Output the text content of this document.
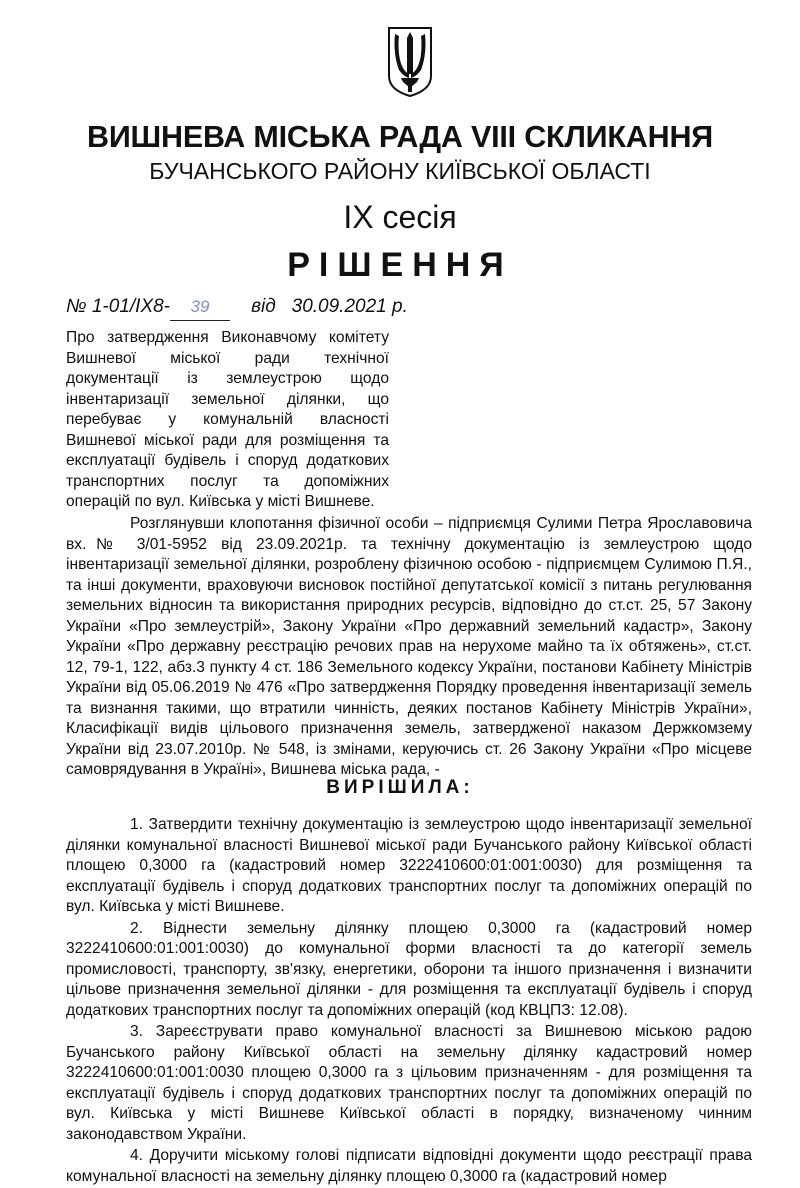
ВИШНЕВА МІСЬКА РАДА VIII СКЛИКАННЯ
БУЧАНСЬКОГО РАЙОНУ КИЇВСЬКОЇ ОБЛАСТІ
IX сесія
РІШЕННЯ
№ 1-01/IX8- 39 від 30.09.2021 р.
Про затвердження Виконавчому комітету Вишневої міської ради технічної документації із землеустрою щодо інвентаризації земельної ділянки, що перебуває у комунальній власності Вишневої міської ради для розміщення та експлуатації будівель і споруд додаткових транспортних послуг та допоміжних операцій по вул. Київська у місті Вишневе.

Розглянувши клопотання фізичної особи – підприємця Сулими Петра Ярославовича вх.№ 3/01-5952 від 23.09.2021р. та технічну документацію із землеустрою щодо інвентаризації земельної ділянки, розроблену фізичною особою - підприємцем Сулимою П.Я., та інші документи, враховуючи висновок постійної депутатської комісії з питань регулювання земельних відносин та використання природних ресурсів, відповідно до ст.ст. 25, 57 Закону України «Про землеустрій», Закону України «Про державний земельний кадастр», Закону України «Про державну реєстрацію речових прав на нерухоме майно та їх обтяжень», ст.ст. 12, 79-1, 122, абз.3 пункту 4 ст. 186 Земельного кодексу України, постанови Кабінету Міністрів України від 05.06.2019 № 476 «Про затвердження Порядку проведення інвентаризації земель та визнання такими, що втратили чинність, деяких постанов Кабінету Міністрів України», Класифікації видів цільового призначення земель, затвердженої наказом Держкомзему України від 23.07.2010р. № 548, із змінами, керуючись ст. 26 Закону України «Про місцеве самоврядування в Україні», Вишнева міська рада, -

ВИРІШИЛА:

1. Затвердити технічну документацію із землеустрою щодо інвентаризації земельної ділянки комунальної власності Вишневої міської ради Бучанського району Київської області площею 0,3000 га (кадастровий номер 3222410600:01:001:0030) для розміщення та експлуатації будівель і споруд додаткових транспортних послуг та допоміжних операцій по вул. Київська у місті Вишневе.

2. Віднести земельну ділянку площею 0,3000 га (кадастровий номер 3222410600:01:001:0030) до комунальної форми власності та до категорії земель промисловості, транспорту, зв'язку, енергетики, оборони та іншого призначення і визначити цільове призначення земельної ділянки - для розміщення та експлуатації будівель і споруд додаткових транспортних послуг та допоміжних операцій (код КВЦПЗ: 12.08).

3. Зареєструвати право комунальної власності за Вишневою міською радою Бучанського району Київської області на земельну ділянку кадастровий номер 3222410600:01:001:0030 площею 0,3000 га з цільовим призначенням - для розміщення та експлуатації будівель і споруд додаткових транспортних послуг та допоміжних операцій по вул. Київська у місті Вишневе Київської області в порядку, визначеному чинним законодавством України.

4. Доручити міському голові підписати відповідні документи щодо реєстрації права комунальної власності на земельну ділянку площею 0,3000 га (кадастровий номер
